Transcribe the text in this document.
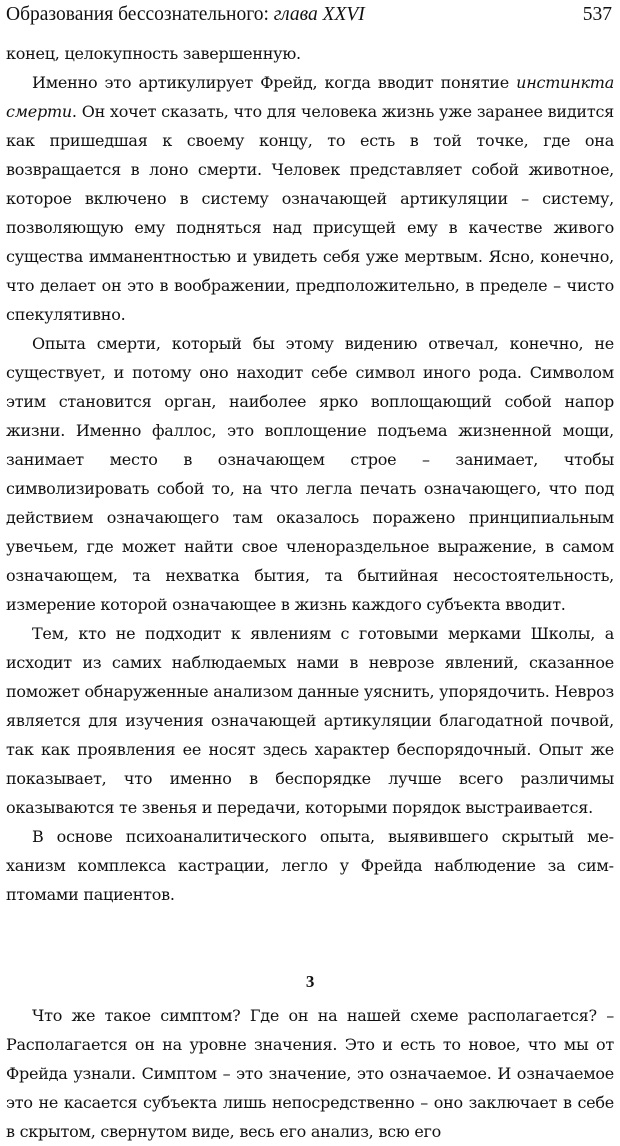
Образования бессознательного: глава XXVI	537

конец, целокупность завершенную.

Именно это артикулирует Фрейд, когда вводит понятие инстинкта смерти. Он хочет сказать, что для человека жизнь уже заранее видится как пришедшая к своему концу, то есть в той точке, где она возвращается в лоно смерти. Человек представляет собой животное, которое включено в систему означающей артикуляции – систему, позволяющую ему подняться над присущей ему в качестве живого существа имманентностью и увидеть себя уже мертвым. Ясно, конечно, что делает он это в воображении, предположительно, в пределе – чисто спекулятивно.

Опыта смерти, который бы этому видению отвечал, конечно, не существует, и потому оно находит себе символ иного рода. Символом этим становится орган, наиболее ярко воплощающий собой напор жизни. Именно фаллос, это воплощение подъема жизненной мощи, занимает место в означающем строе – занимает, чтобы символизировать собой то, на что легла печать означающего, что под действием означающего там оказалось поражено принципиальным увечьем, где может найти свое членораздельное выражение, в самом означающем, та нехватка бытия, та бытийная несостоятельность, измерение которой означающее в жизнь каждого субъекта вводит.

Тем, кто не подходит к явлениям с готовыми мерками Школы, а исходит из самих наблюдаемых нами в неврозе явлений, сказанное поможет обнаруженные анализом данные уяснить, упорядочить. Невроз является для изучения означающей артикуляции благодатной почвой, так как проявления ее носят здесь характер беспорядочный. Опыт же показывает, что именно в беспорядке лучше всего различимы оказываются те звенья и передачи, которыми порядок выстраивается.

В основе психоаналитического опыта, выявившего скрытый механизм комплекса кастрации, легло у Фрейда наблюдение за симптомами пациентов.

3

Что же такое симптом? Где он на нашей схеме располагается? – Располагается он на уровне значения. Это и есть то новое, что мы от Фрейда узнали. Симптом – это значение, это означаемое. И означаемое это не касается субъекта лишь непосредственно – оно заключает в себе в скрытом, свернутом виде, весь его анализ, всю его
